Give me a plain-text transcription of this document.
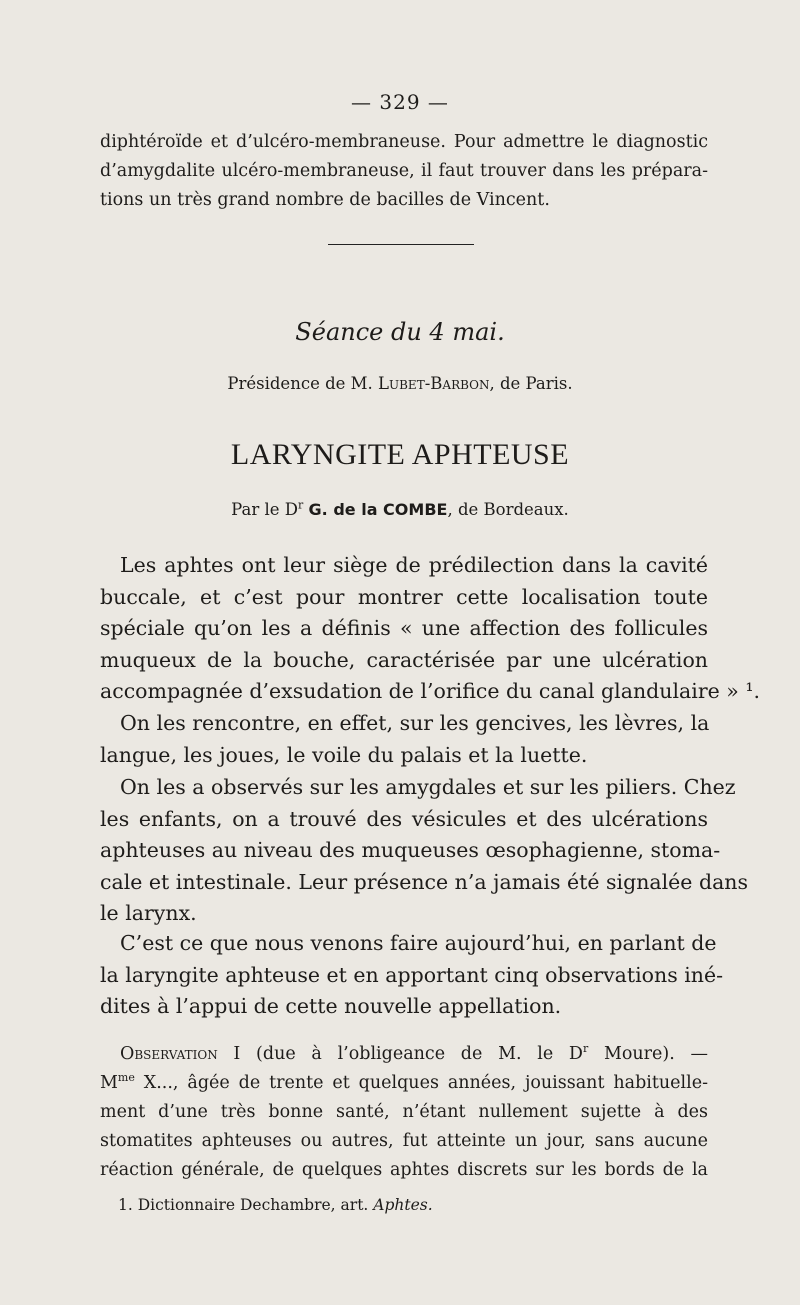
— 329 —
diphtéroïde et d’ulcéro-membraneuse. Pour admettre le diagnostic
d’amygdalite ulcéro-membraneuse, il faut trouver dans les prépara-
tions un très grand nombre de bacilles de Vincent.
Séance du 4 mai.
Présidence de M. Lubet-Barbon, de Paris.
LARYNGITE APHTEUSE
Par le $D^r$ G. de la COMBE, de Bordeaux.
Les aphtes ont leur siège de prédilection dans la cavité
buccale, et c’est pour montrer cette localisation toute
spéciale qu’on les a définis « une affection des follicules
muqueux de la bouche, caractérisée par une ulcération
accompagnée d’exsudation de l’orifice du canal glandulaire » ¹.
On les rencontre, en effet, sur les gencives, les lèvres, la
langue, les joues, le voile du palais et la luette.
On les a observés sur les amygdales et sur les piliers. Chez
les enfants, on a trouvé des vésicules et des ulcérations
aphteuses au niveau des muqueuses œsophagienne, stoma-
cale et intestinale. Leur présence n’a jamais été signalée dans
le larynx.
C’est ce que nous venons faire aujourd’hui, en parlant de
la laryngite aphteuse et en apportant cinq observations iné-
dites à l’appui de cette nouvelle appellation.
Observation I (due à l’obligeance de M. le $D^r$ Moure). —
$M^{me}$ X..., âgée de trente et quelques années, jouissant habituelle-
ment d’une très bonne santé, n’étant nullement sujette à des
stomatites aphteuses ou autres, fut atteinte un jour, sans aucune
réaction générale, de quelques aphtes discrets sur les bords de la
1. Dictionnaire Dechambre, art. Aphtes.
